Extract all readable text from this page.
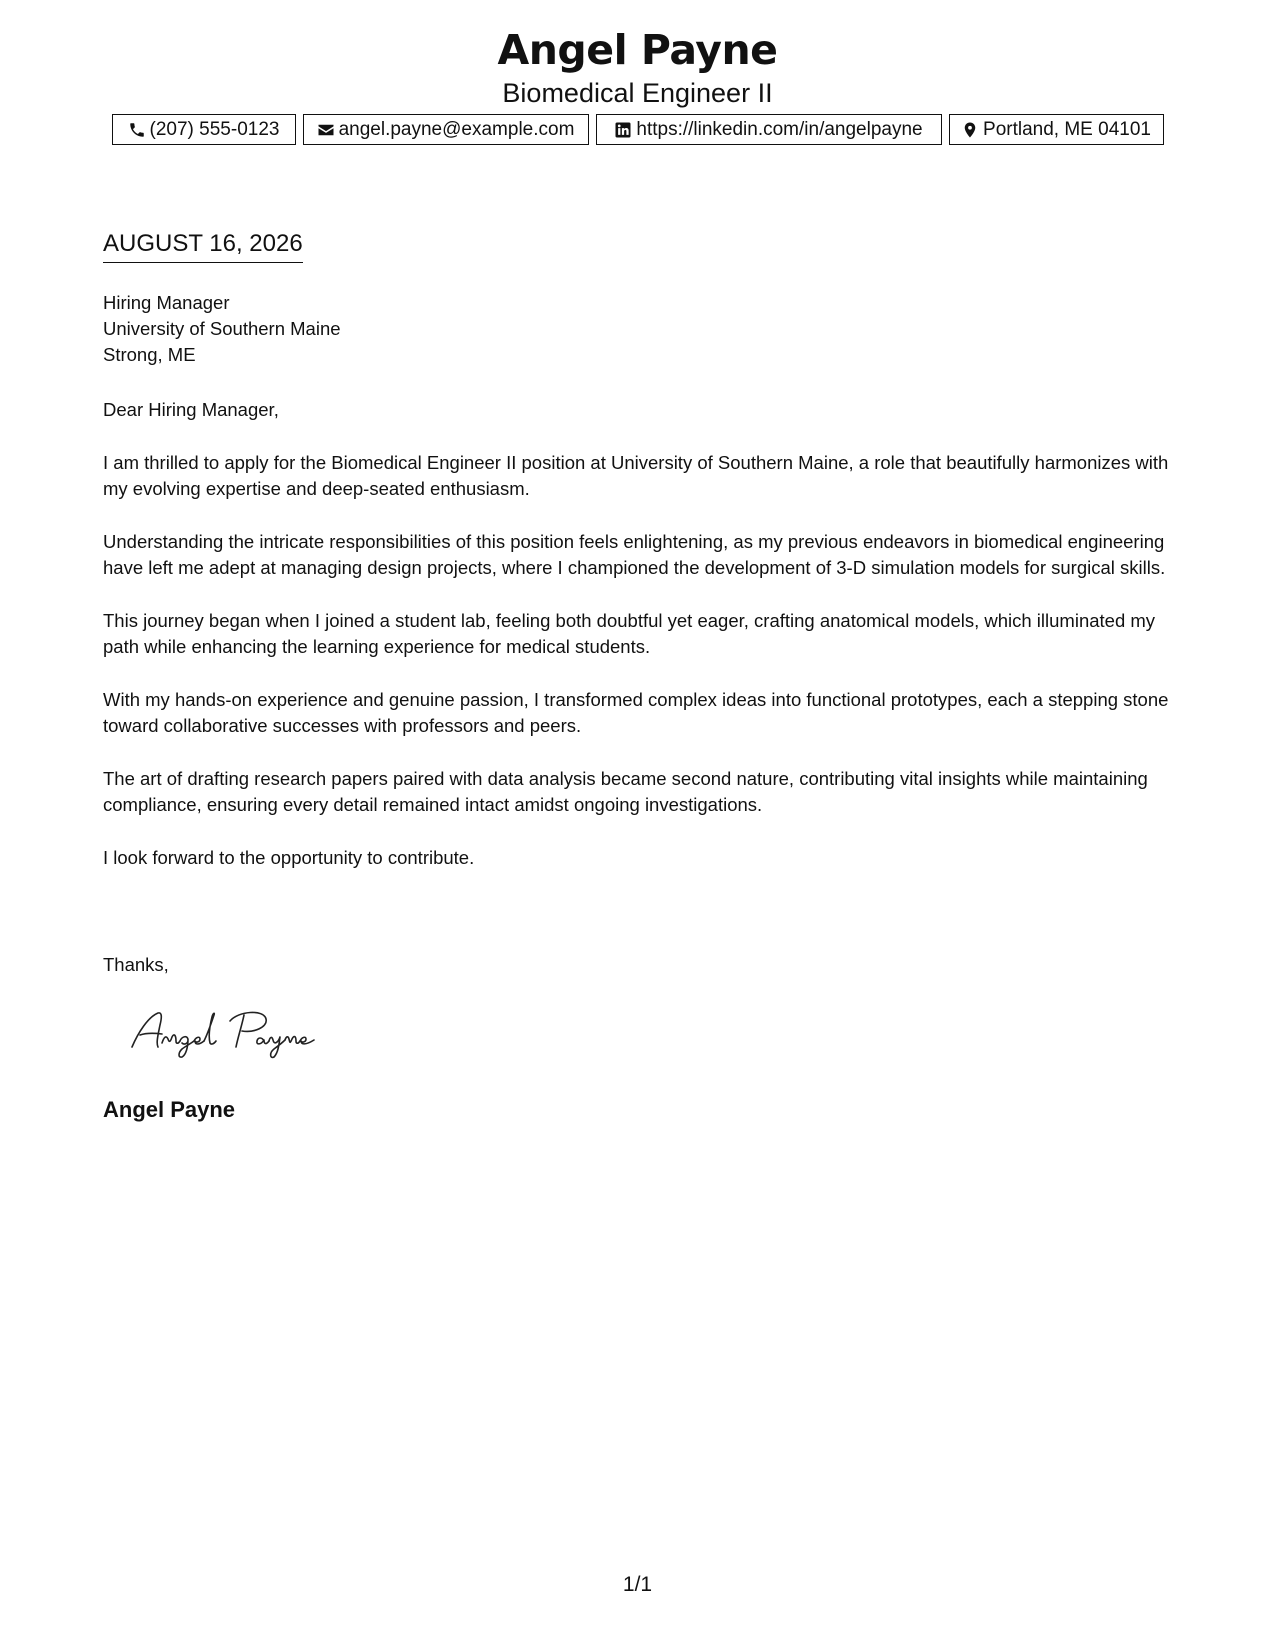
Angel Payne
Biomedical Engineer II
(207) 555-0123	angel.payne@example.com	https://linkedin.com/in/angelpayne	Portland, ME 04101
AUGUST 16, 2026
Hiring Manager
University of Southern Maine
Strong, ME

Dear Hiring Manager,

I am thrilled to apply for the Biomedical Engineer II position at University of Southern Maine, a role that beautifully harmonizes with my evolving expertise and deep-seated enthusiasm.

Understanding the intricate responsibilities of this position feels enlightening, as my previous endeavors in biomedical engineering have left me adept at managing design projects, where I championed the development of 3-D simulation models for surgical skills.

This journey began when I joined a student lab, feeling both doubtful yet eager, crafting anatomical models, which illuminated my path while enhancing the learning experience for medical students.

With my hands-on experience and genuine passion, I transformed complex ideas into functional prototypes, each a stepping stone toward collaborative successes with professors and peers.

The art of drafting research papers paired with data analysis became second nature, contributing vital insights while maintaining compliance, ensuring every detail remained intact amidst ongoing investigations.

I look forward to the opportunity to contribute.

Thanks,
Angel Payne
1/1
